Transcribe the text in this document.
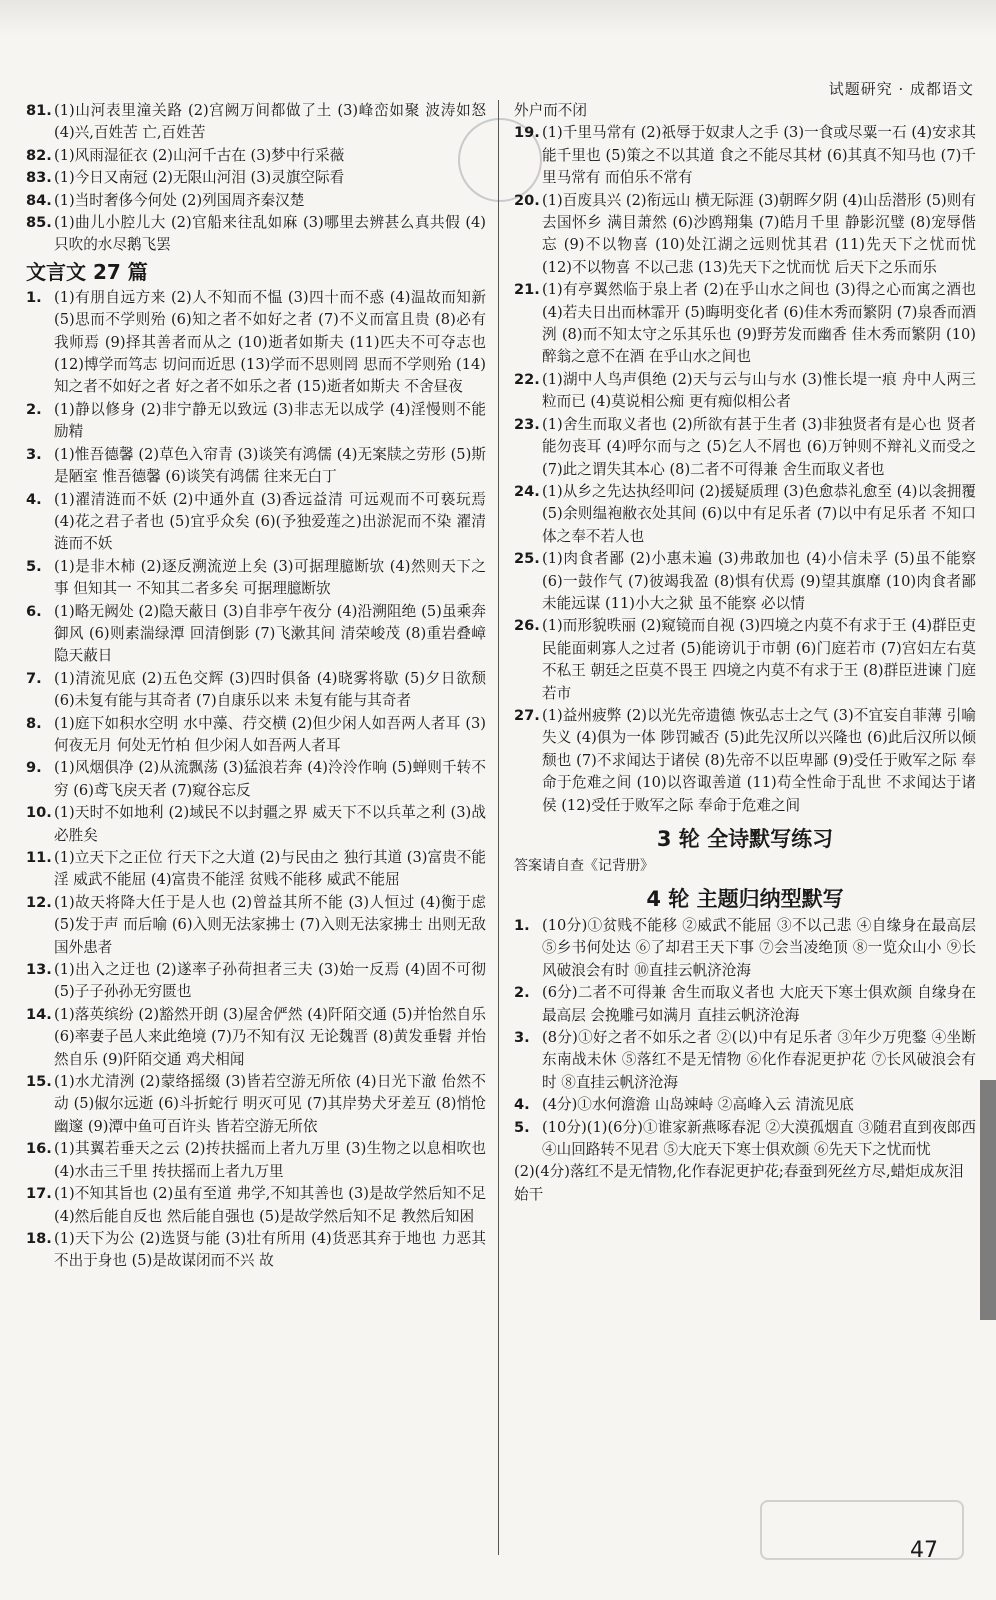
试题研究 · 成都语文
81. (1)山河表里潼关路 (2)宫阙万间都做了土 (3)峰峦如聚 波涛如怒 (4)兴,百姓苦 亡,百姓苦
82. (1)风雨湿征衣 (2)山河千古在 (3)梦中行采薇
83. (1)今日又南冠 (2)无限山河泪 (3)灵旗空际看
84. (1)当时奢侈今何处 (2)列国周齐秦汉楚
85. (1)曲儿小腔儿大 (2)官船来往乱如麻 (3)哪里去辨甚么真共假 (4)只吹的水尽鹅飞罢
文言文 27 篇
1. (1)有朋自远方来 (2)人不知而不愠 (3)四十而不惑 (4)温故而知新 (5)思而不学则殆 (6)知之者不如好之者 (7)不义而富且贵 (8)必有我师焉 (9)择其善者而从之 (10)逝者如斯夫 (11)匹夫不可夺志也 (12)博学而笃志 切问而近思 (13)学而不思则罔 思而不学则殆 (14)知之者不如好之者 好之者不如乐之者 (15)逝者如斯夫 不舍昼夜
2. (1)静以修身 (2)非宁静无以致远 (3)非志无以成学 (4)淫慢则不能励精
3. (1)惟吾德馨 (2)草色入帘青 (3)谈笑有鸿儒 (4)无案牍之劳形 (5)斯是陋室 惟吾德馨 (6)谈笑有鸿儒 往来无白丁
4. (1)濯清涟而不妖 (2)中通外直 (3)香远益清 可远观而不可亵玩焉 (4)花之君子者也 (5)宜乎众矣 (6)(予独爱莲之)出淤泥而不染 濯清涟而不妖
5. (1)是非木柿 (2)逐反溯流逆上矣 (3)可据理臆断欤 (4)然则天下之事 但知其一 不知其二者多矣 可据理臆断欤
6. (1)略无阙处 (2)隐天蔽日 (3)自非亭午夜分 (4)沿溯阻绝 (5)虽乘奔御风 (6)则素湍绿潭 回清倒影 (7)飞漱其间 清荣峻茂 (8)重岩叠嶂 隐天蔽日
7. (1)清流见底 (2)五色交辉 (3)四时俱备 (4)晓雾将歇 (5)夕日欲颓 (6)未复有能与其奇者 (7)自康乐以来 未复有能与其奇者
8. (1)庭下如积水空明 水中藻、荇交横 (2)但少闲人如吾两人者耳 (3)何夜无月 何处无竹柏 但少闲人如吾两人者耳
9. (1)风烟俱净 (2)从流飘荡 (3)猛浪若奔 (4)泠泠作响 (5)蝉则千转不穷 (6)鸢飞戾天者 (7)窥谷忘反
10. (1)天时不如地利 (2)域民不以封疆之界 威天下不以兵革之利 (3)战必胜矣
11. (1)立天下之正位 行天下之大道 (2)与民由之 独行其道 (3)富贵不能淫 威武不能屈 (4)富贵不能淫 贫贱不能移 威武不能屈
12. (1)故天将降大任于是人也 (2)曾益其所不能 (3)人恒过 (4)衡于虑 (5)发于声 而后喻 (6)入则无法家拂士 (7)入则无法家拂士 出则无敌国外患者
13. (1)出入之迂也 (2)遂率子孙荷担者三夫 (3)始一反焉 (4)固不可彻 (5)子子孙孙无穷匮也
14. (1)落英缤纷 (2)豁然开朗 (3)屋舍俨然 (4)阡陌交通 (5)并怡然自乐 (6)率妻子邑人来此绝境 (7)乃不知有汉 无论魏晋 (8)黄发垂髫 并怡然自乐 (9)阡陌交通 鸡犬相闻
15. (1)水尤清洌 (2)蒙络摇缀 (3)皆若空游无所依 (4)日光下澈 佁然不动 (5)俶尔远逝 (6)斗折蛇行 明灭可见 (7)其岸势犬牙差互 (8)悄怆幽邃 (9)潭中鱼可百许头 皆若空游无所依
16. (1)其翼若垂天之云 (2)抟扶摇而上者九万里 (3)生物之以息相吹也 (4)水击三千里 抟扶摇而上者九万里
17. (1)不知其旨也 (2)虽有至道 弗学,不知其善也 (3)是故学然后知不足 (4)然后能自反也 然后能自强也 (5)是故学然后知不足 教然后知困
18. (1)天下为公 (2)选贤与能 (3)壮有所用 (4)货恶其弃于地也 力恶其不出于身也 (5)是故谋闭而不兴 故
外户而不闭
19. (1)千里马常有 (2)祇辱于奴隶人之手 (3)一食或尽粟一石 (4)安求其能千里也 (5)策之不以其道 食之不能尽其材 (6)其真不知马也 (7)千里马常有 而伯乐不常有
20. (1)百废具兴 (2)衔远山 横无际涯 (3)朝晖夕阴 (4)山岳潜形 (5)则有去国怀乡 满目萧然 (6)沙鸥翔集 (7)皓月千里 静影沉璧 (8)宠辱偕忘 (9)不以物喜 (10)处江湖之远则忧其君 (11)先天下之忧而忧 (12)不以物喜 不以己悲 (13)先天下之忧而忧 后天下之乐而乐
21. (1)有亭翼然临于泉上者 (2)在乎山水之间也 (3)得之心而寓之酒也 (4)若夫日出而林霏开 (5)晦明变化者 (6)佳木秀而繁阴 (7)泉香而酒洌 (8)而不知太守之乐其乐也 (9)野芳发而幽香 佳木秀而繁阴 (10)醉翁之意不在酒 在乎山水之间也
22. (1)湖中人鸟声俱绝 (2)天与云与山与水 (3)惟长堤一痕 舟中人两三粒而已 (4)莫说相公痴 更有痴似相公者
23. (1)舍生而取义者也 (2)所欲有甚于生者 (3)非独贤者有是心也 贤者能勿丧耳 (4)呼尔而与之 (5)乞人不屑也 (6)万钟则不辩礼义而受之 (7)此之谓失其本心 (8)二者不可得兼 舍生而取义者也
24. (1)从乡之先达执经叩问 (2)援疑质理 (3)色愈恭礼愈至 (4)以衾拥覆 (5)余则缊袍敝衣处其间 (6)以中有足乐者 (7)以中有足乐者 不知口体之奉不若人也
25. (1)肉食者鄙 (2)小惠未遍 (3)弗敢加也 (4)小信未孚 (5)虽不能察 (6)一鼓作气 (7)彼竭我盈 (8)惧有伏焉 (9)望其旗靡 (10)肉食者鄙 未能远谋 (11)小大之狱 虽不能察 必以情
26. (1)而形貌昳丽 (2)窥镜而自视 (3)四境之内莫不有求于王 (4)群臣吏民能面刺寡人之过者 (5)能谤讥于市朝 (6)门庭若市 (7)宫妇左右莫不私王 朝廷之臣莫不畏王 四境之内莫不有求于王 (8)群臣进谏 门庭若市
27. (1)益州疲弊 (2)以光先帝遗德 恢弘志士之气 (3)不宜妄自菲薄 引喻失义 (4)俱为一体 陟罚臧否 (5)此先汉所以兴隆也 (6)此后汉所以倾颓也 (7)不求闻达于诸侯 (8)先帝不以臣卑鄙 (9)受任于败军之际 奉命于危难之间 (10)以咨诹善道 (11)苟全性命于乱世 不求闻达于诸侯 (12)受任于败军之际 奉命于危难之间
3 轮 全诗默写练习
答案请自查《记背册》
4 轮 主题归纳型默写
1. (10分)①贫贱不能移 ②威武不能屈 ③不以己悲 ④自缘身在最高层 ⑤乡书何处达 ⑥了却君王天下事 ⑦会当凌绝顶 ⑧一览众山小 ⑨长风破浪会有时 ⑩直挂云帆济沧海
2. (6分)二者不可得兼 舍生而取义者也 大庇天下寒士俱欢颜 自缘身在最高层 会挽雕弓如满月 直挂云帆济沧海
3. (8分)①好之者不如乐之者 ②(以)中有足乐者 ③年少万兜鍪 ④坐断东南战未休 ⑤落红不是无情物 ⑥化作春泥更护花 ⑦长风破浪会有时 ⑧直挂云帆济沧海
4. (4分)①水何澹澹 山岛竦峙 ②高峰入云 清流见底
5. (10分)(1)(6分)①谁家新燕啄春泥 ②大漠孤烟直 ③随君直到夜郎西 ④山回路转不见君 ⑤大庇天下寒士俱欢颜 ⑥先天下之忧而忧
(2)(4分)落红不是无情物,化作春泥更护花;春蚕到死丝方尽,蜡炬成灰泪始干
47
